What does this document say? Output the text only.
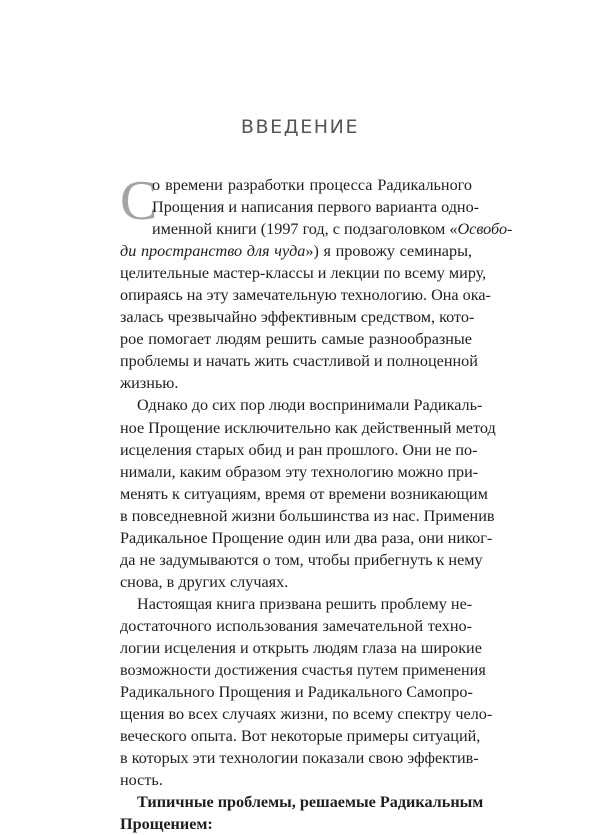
ВВЕДЕНИЕ
С
о времени разработки процесса Радикального
Прощения и написания первого варианта одно-
именной книги (1997 год, с подзаголовком «Освобо-
ди пространство для чуда») я провожу семинары,
целительные мастер-классы и лекции по всему миру,
опираясь на эту замечательную технологию. Она ока-
залась чрезвычайно эффективным средством, кото-
рое помогает людям решить самые разнообразные
проблемы и начать жить счастливой и полноценной
жизнью.
Однако до сих пор люди воспринимали Радикаль-
ное Прощение исключительно как действенный метод
исцеления старых обид и ран прошлого. Они не по-
нимали, каким образом эту технологию можно при-
менять к ситуациям, время от времени возникающим
в повседневной жизни большинства из нас. Применив
Радикальное Прощение один или два раза, они никог-
да не задумываются о том, чтобы прибегнуть к нему
снова, в других случаях.
Настоящая книга призвана решить проблему не-
достаточного использования замечательной техно-
логии исцеления и открыть людям глаза на широкие
возможности достижения счастья путем применения
Радикального Прощения и Радикального Самопро-
щения во всех случаях жизни, по всему спектру чело-
веческого опыта. Вот некоторые примеры ситуаций,
в которых эти технологии показали свою эффектив-
ность.
Типичные проблемы, решаемые Радикальным
Прощением:
